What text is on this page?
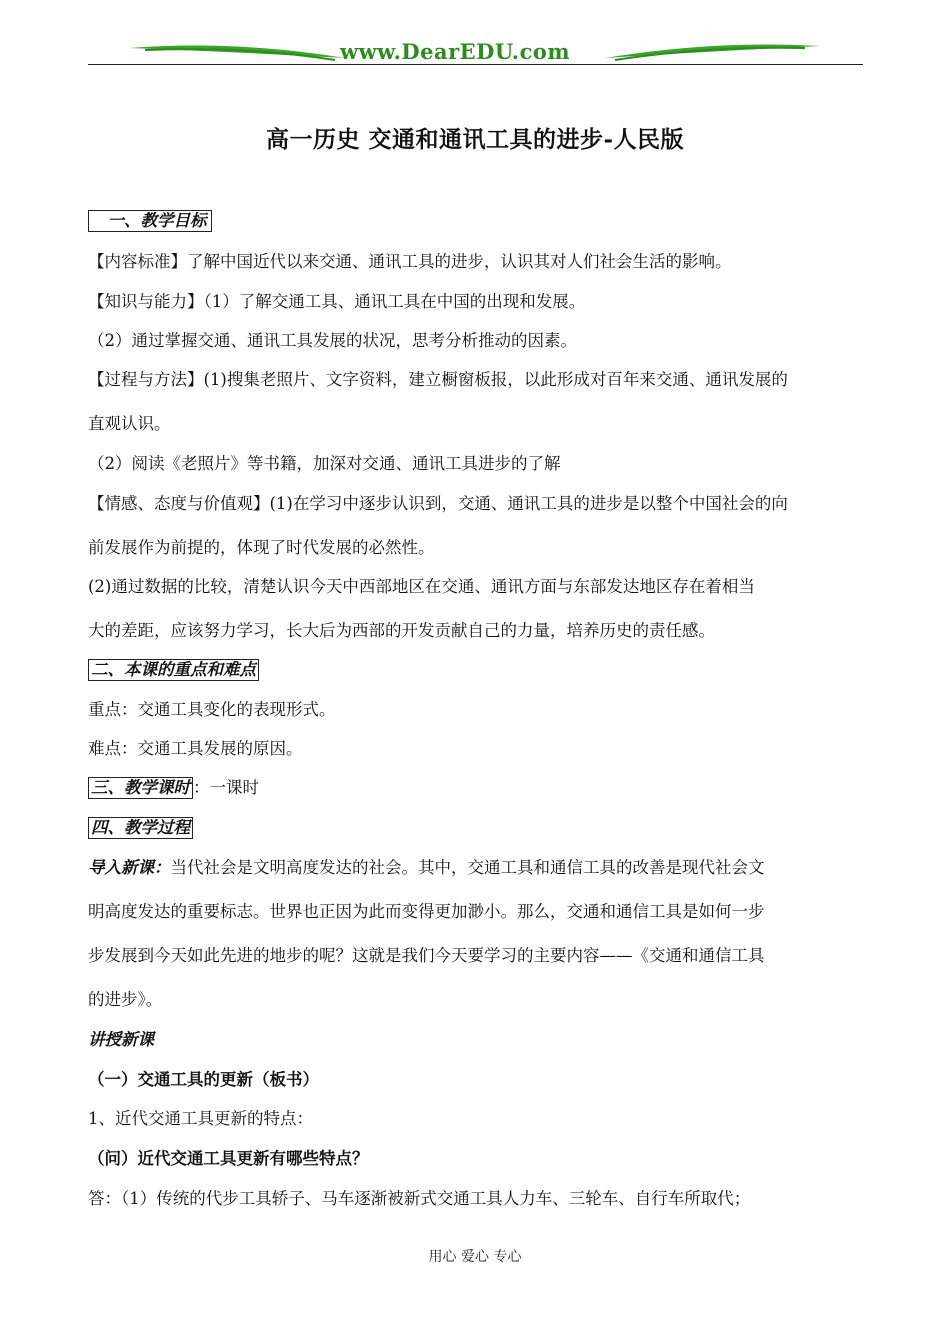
www.DearEDU.com
高一历史 交通和通讯工具的进步-人民版
　一、教学目标
【内容标准】了解中国近代以来交通、通讯工具的进步，认识其对人们社会生活的影响。
【知识与能力】（1）了解交通工具、通讯工具在中国的出现和发展。
（2）通过掌握交通、通讯工具发展的状况，思考分析推动的因素。
【过程与方法】(1)搜集老照片、文字资料，建立橱窗板报，以此形成对百年来交通、通讯发展的
直观认识。
（2）阅读《老照片》等书籍，加深对交通、通讯工具进步的了解
【情感、态度与价值观】(1)在学习中逐步认识到，交通、通讯工具的进步是以整个中国社会的向
前发展作为前提的，体现了时代发展的必然性。
(2)通过数据的比较，清楚认识今天中西部地区在交通、通讯方面与东部发达地区存在着相当
大的差距，应该努力学习，长大后为西部的开发贡献自己的力量，培养历史的责任感。
二、本课的重点和难点
重点：交通工具变化的表现形式。
难点：交通工具发展的原因。
三、教学课时 ：一课时
四、教学过程
导入新课：当代社会是文明高度发达的社会。其中，交通工具和通信工具的改善是现代社会文
明高度发达的重要标志。世界也正因为此而变得更加渺小。那么，交通和通信工具是如何一步
步发展到今天如此先进的地步的呢？这就是我们今天要学习的主要内容——《交通和通信工具
的进步》。
讲授新课
（一）交通工具的更新（板书）
1、近代交通工具更新的特点：
（问）近代交通工具更新有哪些特点？
答：（1）传统的代步工具轿子、马车逐渐被新式交通工具人力车、三轮车、自行车所取代；
用心 爱心 专心
